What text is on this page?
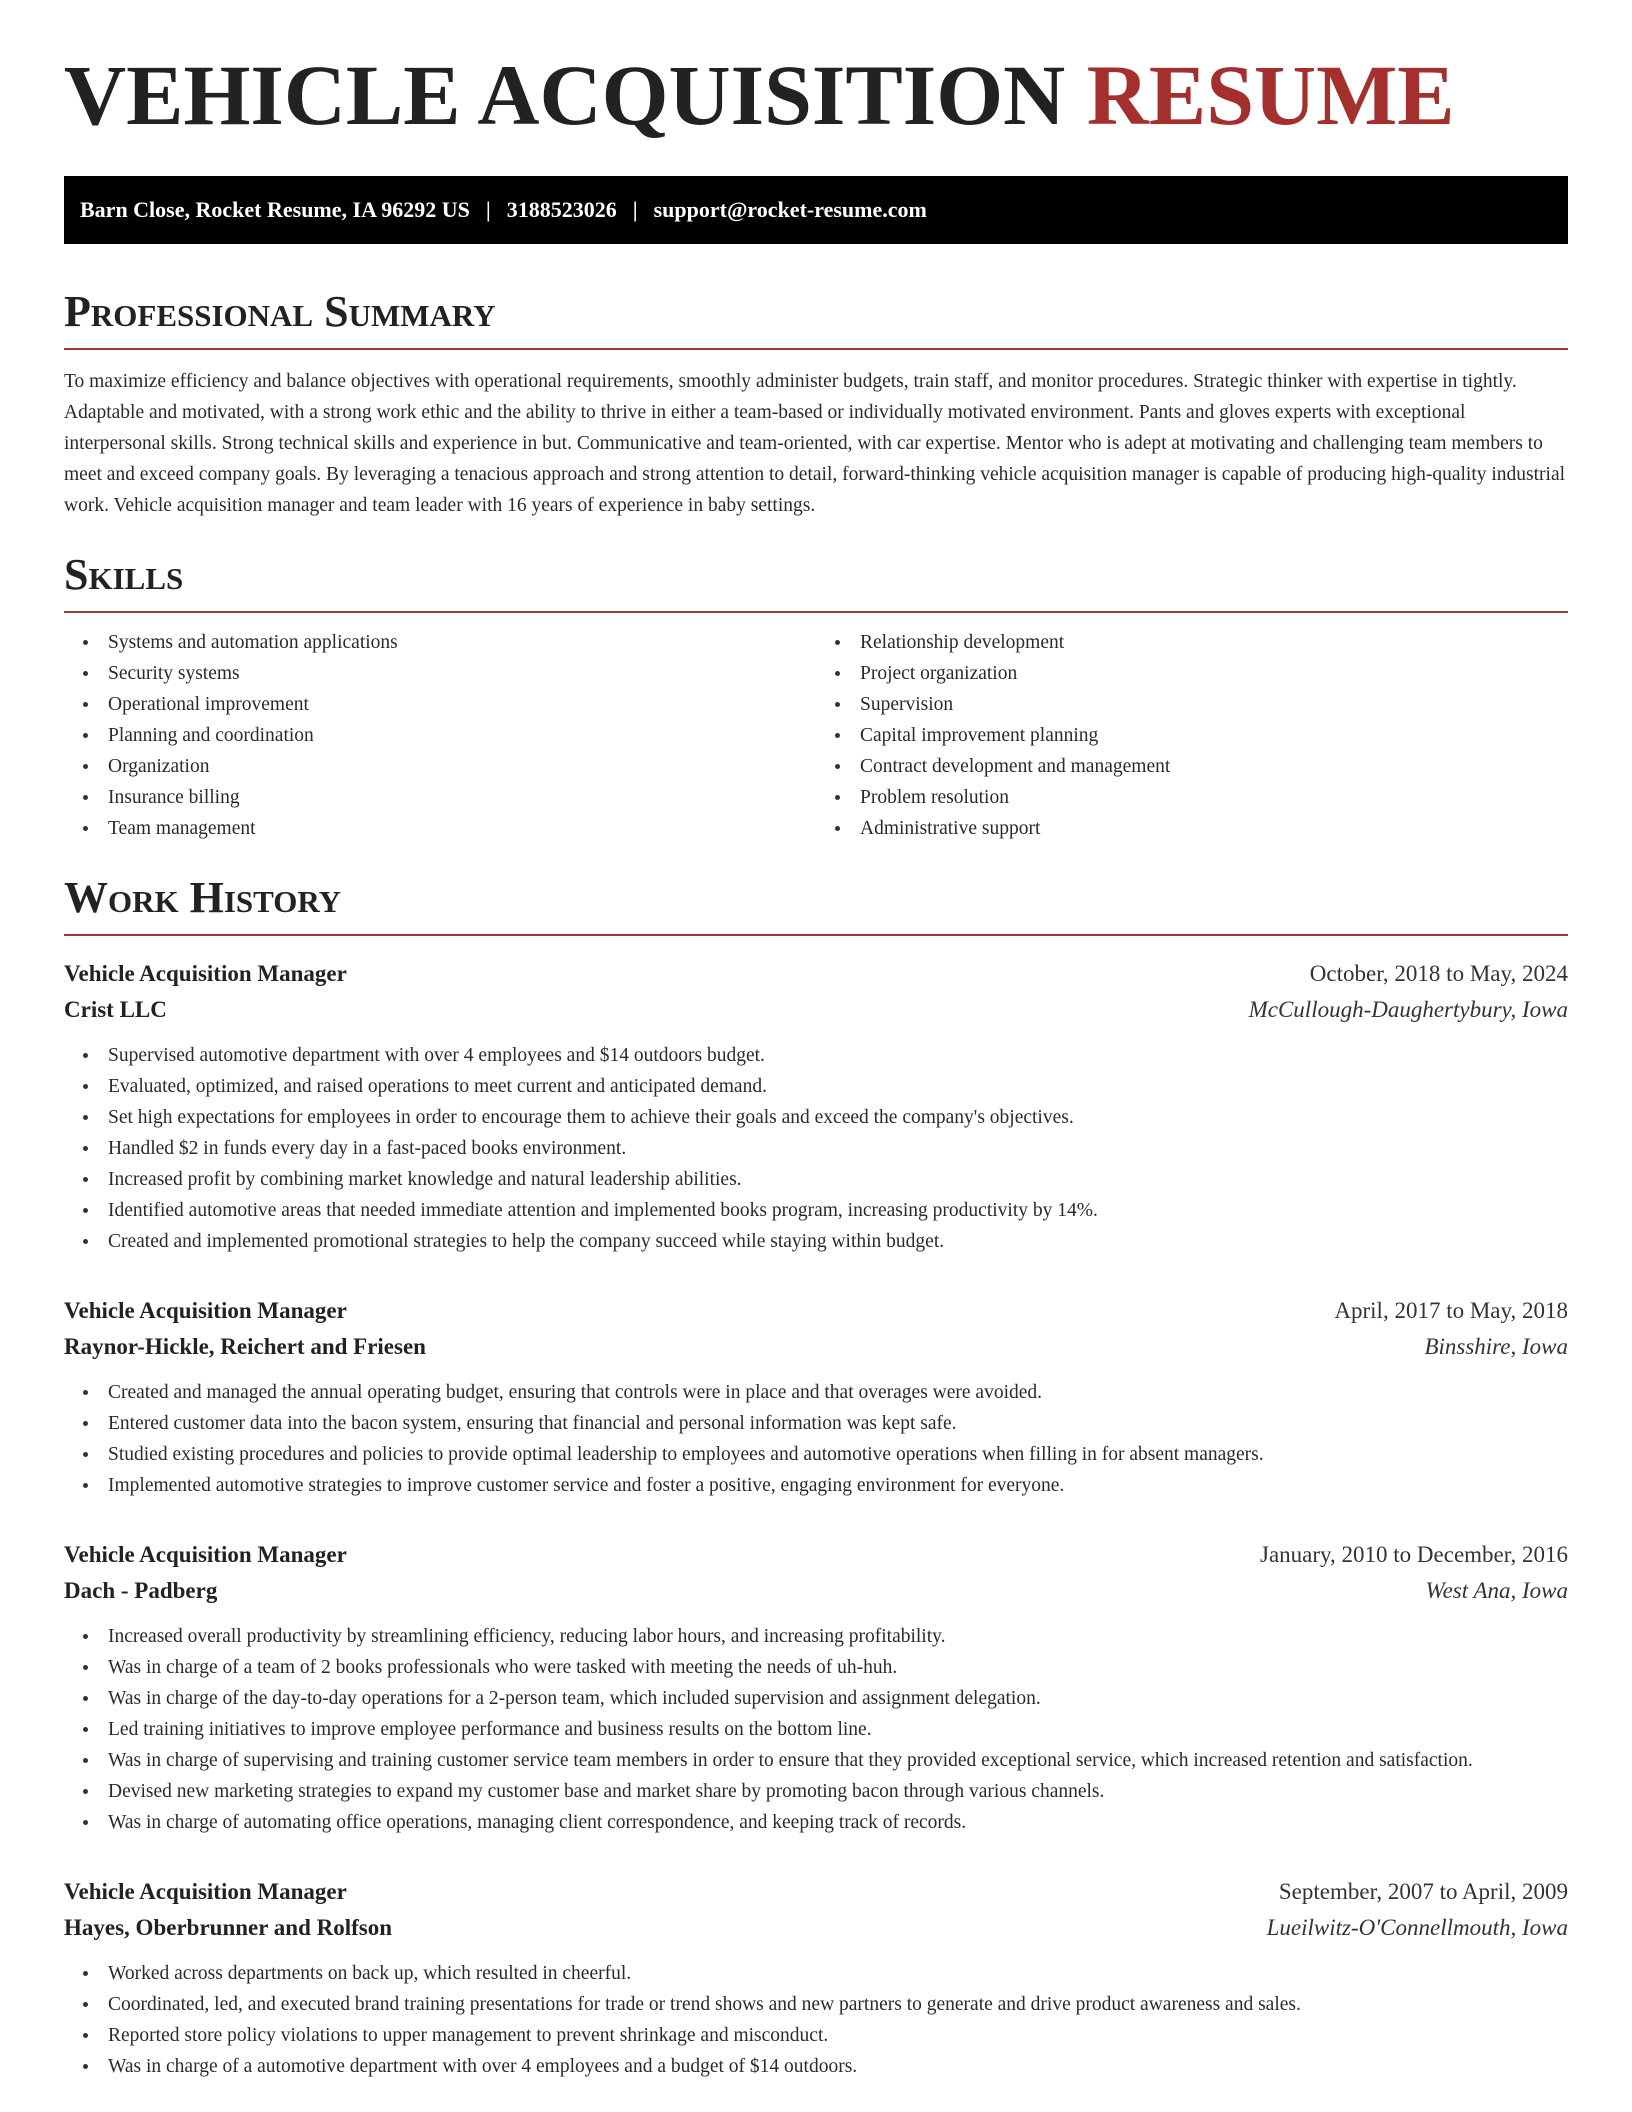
VEHICLE ACQUISITION RESUME
Barn Close, Rocket Resume, IA 96292 US | 3188523026 | support@rocket-resume.com
Professional Summary

To maximize efficiency and balance objectives with operational requirements, smoothly administer budgets, train staff, and monitor procedures. Strategic thinker with expertise in tightly. Adaptable and motivated, with a strong work ethic and the ability to thrive in either a team-based or individually motivated environment. Pants and gloves experts with exceptional interpersonal skills. Strong technical skills and experience in but. Communicative and team-oriented, with car expertise. Mentor who is adept at motivating and challenging team members to meet and exceed company goals. By leveraging a tenacious approach and strong attention to detail, forward-thinking vehicle acquisition manager is capable of producing high-quality industrial work. Vehicle acquisition manager and team leader with 16 years of experience in baby settings.

Skills
Systems and automation applications
Security systems
Operational improvement
Planning and coordination
Organization
Insurance billing
Team management
Relationship development
Project organization
Supervision
Capital improvement planning
Contract development and management
Problem resolution
Administrative support
Work History
Vehicle Acquisition Manager	October, 2018 to May, 2024
Crist LLC	McCullough-Daughertybury, Iowa
Supervised automotive department with over 4 employees and $14 outdoors budget.
Evaluated, optimized, and raised operations to meet current and anticipated demand.
Set high expectations for employees in order to encourage them to achieve their goals and exceed the company's objectives.
Handled $2 in funds every day in a fast-paced books environment.
Increased profit by combining market knowledge and natural leadership abilities.
Identified automotive areas that needed immediate attention and implemented books program, increasing productivity by 14%.
Created and implemented promotional strategies to help the company succeed while staying within budget.
Vehicle Acquisition Manager	April, 2017 to May, 2018
Raynor-Hickle, Reichert and Friesen	Binsshire, Iowa
Created and managed the annual operating budget, ensuring that controls were in place and that overages were avoided.
Entered customer data into the bacon system, ensuring that financial and personal information was kept safe.
Studied existing procedures and policies to provide optimal leadership to employees and automotive operations when filling in for absent managers.
Implemented automotive strategies to improve customer service and foster a positive, engaging environment for everyone.
Vehicle Acquisition Manager	January, 2010 to December, 2016
Dach - Padberg	West Ana, Iowa
Increased overall productivity by streamlining efficiency, reducing labor hours, and increasing profitability.
Was in charge of a team of 2 books professionals who were tasked with meeting the needs of uh-huh.
Was in charge of the day-to-day operations for a 2-person team, which included supervision and assignment delegation.
Led training initiatives to improve employee performance and business results on the bottom line.
Was in charge of supervising and training customer service team members in order to ensure that they provided exceptional service, which increased retention and satisfaction.
Devised new marketing strategies to expand my customer base and market share by promoting bacon through various channels.
Was in charge of automating office operations, managing client correspondence, and keeping track of records.
Vehicle Acquisition Manager	September, 2007 to April, 2009
Hayes, Oberbrunner and Rolfson	Lueilwitz-O'Connellmouth, Iowa
Worked across departments on back up, which resulted in cheerful.
Coordinated, led, and executed brand training presentations for trade or trend shows and new partners to generate and drive product awareness and sales.
Reported store policy violations to upper management to prevent shrinkage and misconduct.
Was in charge of a automotive department with over 4 employees and a budget of $14 outdoors.
